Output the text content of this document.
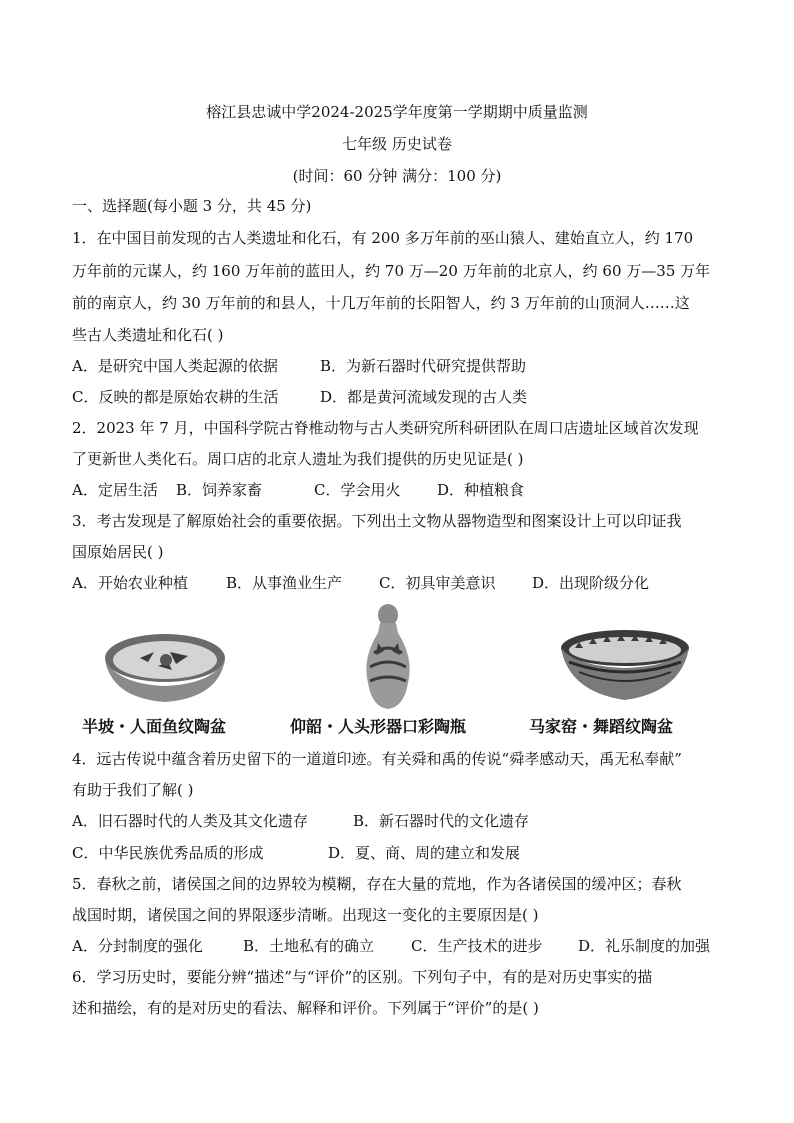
榕江县忠诚中学2024-2025学年度第一学期期中质量监测
七年级 历史试卷
(时间：60 分钟 满分：100 分)
一、选择题(每小题 3 分，共 45 分)
1．在中国目前发现的古人类遗址和化石，有 200 多万年前的巫山猿人、建始直立人，约 170
万年前的元谋人，约 160 万年前的蓝田人，约 70 万—20 万年前的北京人，约 60 万—35 万年
前的南京人，约 30 万年前的和县人，十几万年前的长阳智人，约 3 万年前的山顶洞人……这
些古人类遗址和化石( )
A．是研究中国人类起源的依据	B．为新石器时代研究提供帮助
C．反映的都是原始农耕的生活	D．都是黄河流域发现的古人类
2．2023 年 7 月，中国科学院古脊椎动物与古人类研究所科研团队在周口店遗址区域首次发现
了更新世人类化石。周口店的北京人遗址为我们提供的历史见证是( )
A．定居生活 B．饲养家畜	C．学会用火 D．种植粮食
3．考古发现是了解原始社会的重要依据。下列出土文物从器物造型和图案设计上可以印证我
国原始居民( )
A．开始农业种植	B．从事渔业生产 C．初具审美意识 D．出现阶级分化
半坡・人面鱼纹陶盆	仰韶・人头形器口彩陶瓶	马家窑・舞蹈纹陶盆
4．远古传说中蕴含着历史留下的一道道印迹。有关舜和禹的传说“舜孝感动天，禹无私奉献”
有助于我们了解( )
A．旧石器时代的人类及其文化遗存	B．新石器时代的文化遗存
C．中华民族优秀品质的形成	D．夏、商、周的建立和发展
5．春秋之前，诸侯国之间的边界较为模糊，存在大量的荒地，作为各诸侯国的缓冲区；春秋
战国时期，诸侯国之间的界限逐步清晰。出现这一变化的主要原因是( )
A．分封制度的强化	B．土地私有的确立 C．生产技术的进步 D．礼乐制度的加强
6．学习历史时，要能分辨“描述”与“评价”的区别。下列句子中，有的是对历史事实的描
述和描绘，有的是对历史的看法、解释和评价。下列属于“评价”的是( )
